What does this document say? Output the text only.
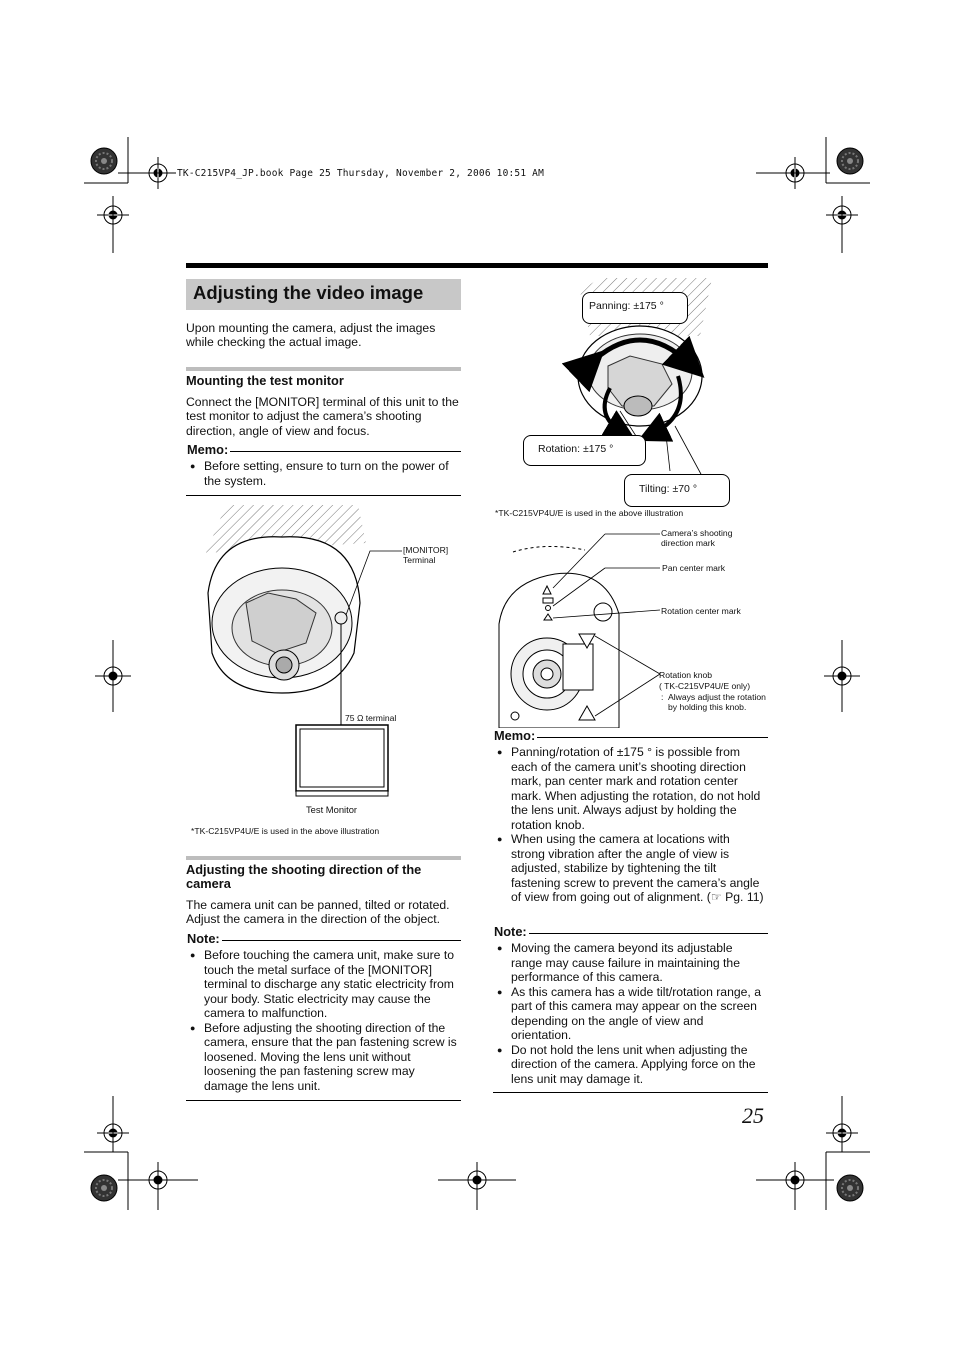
TK-C215VP4_JP.book Page 25 Thursday, November 2, 2006 10:51 AM
Adjusting the video image
Upon mounting the camera, adjust the images while checking the actual image.
Mounting the test monitor
Connect the [MONITOR] terminal of this unit to the test monitor to adjust the camera’s shooting direction, angle of view and focus.
Memo:
● Before setting, ensure to turn on the power of the system.
[MONITOR] Terminal
75 Ω terminal
Test Monitor
*TK-C215VP4U/E is used in the above illustration
Adjusting the shooting direction of the camera
The camera unit can be panned, tilted or rotated. Adjust the camera in the direction of the object.
Note:
● Before touching the camera unit, make sure to touch the metal surface of the [MONITOR] terminal to discharge any static electricity from your body. Static electricity may cause the camera to malfunction.
● Before adjusting the shooting direction of the camera, ensure that the pan fastening screw is loosened. Moving the lens unit without loosening the pan fastening screw may damage the lens unit.
Panning: ±175 °
Rotation: ±175 °
Tilting: ±70 °
*TK-C215VP4U/E is used in the above illustration
Camera’s shooting direction mark
Pan center mark
Rotation center mark
Rotation knob
( TK-C215VP4U/E only)
: Always adjust the rotation by holding this knob.
Memo:
● Panning/rotation of ±175 ° is possible from each of the camera unit’s shooting direction mark, pan center mark and rotation center mark. When adjusting the rotation, do not hold the lens unit. Always adjust by holding the rotation knob.
● When using the camera at locations with strong vibration after the angle of view is adjusted, stabilize by tightening the tilt fastening screw to prevent the camera’s angle of view from going out of alignment. (☞ Pg. 11)
Note:
● Moving the camera beyond its adjustable range may cause failure in maintaining the performance of this camera.
● As this camera has a wide tilt/rotation range, a part of this camera may appear on the screen depending on the angle of view and orientation.
● Do not hold the lens unit when adjusting the direction of the camera. Applying force on the lens unit may damage it.
25
